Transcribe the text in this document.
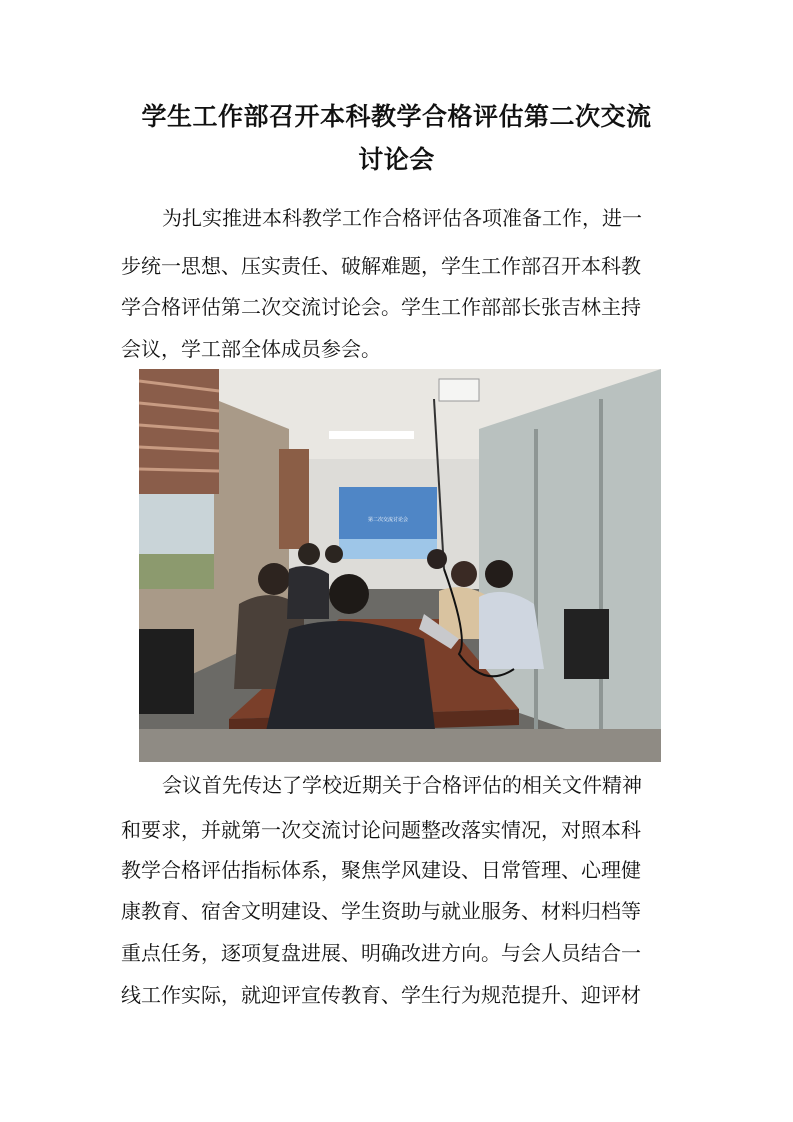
学生工作部召开本科教学合格评估第二次交流
讨论会

为扎实推进本科教学工作合格评估各项准备工作，进一

步统一思想、压实责任、破解难题，学生工作部召开本科教

学合格评估第二次交流讨论会。学生工作部部长张吉林主持

会议，学工部全体成员参会。

第二次交流讨论会

会议首先传达了学校近期关于合格评估的相关文件精神

和要求，并就第一次交流讨论问题整改落实情况，对照本科

教学合格评估指标体系，聚焦学风建设、日常管理、心理健

康教育、宿舍文明建设、学生资助与就业服务、材料归档等

重点任务，逐项复盘进展、明确改进方向。与会人员结合一

线工作实际，就迎评宣传教育、学生行为规范提升、迎评材
